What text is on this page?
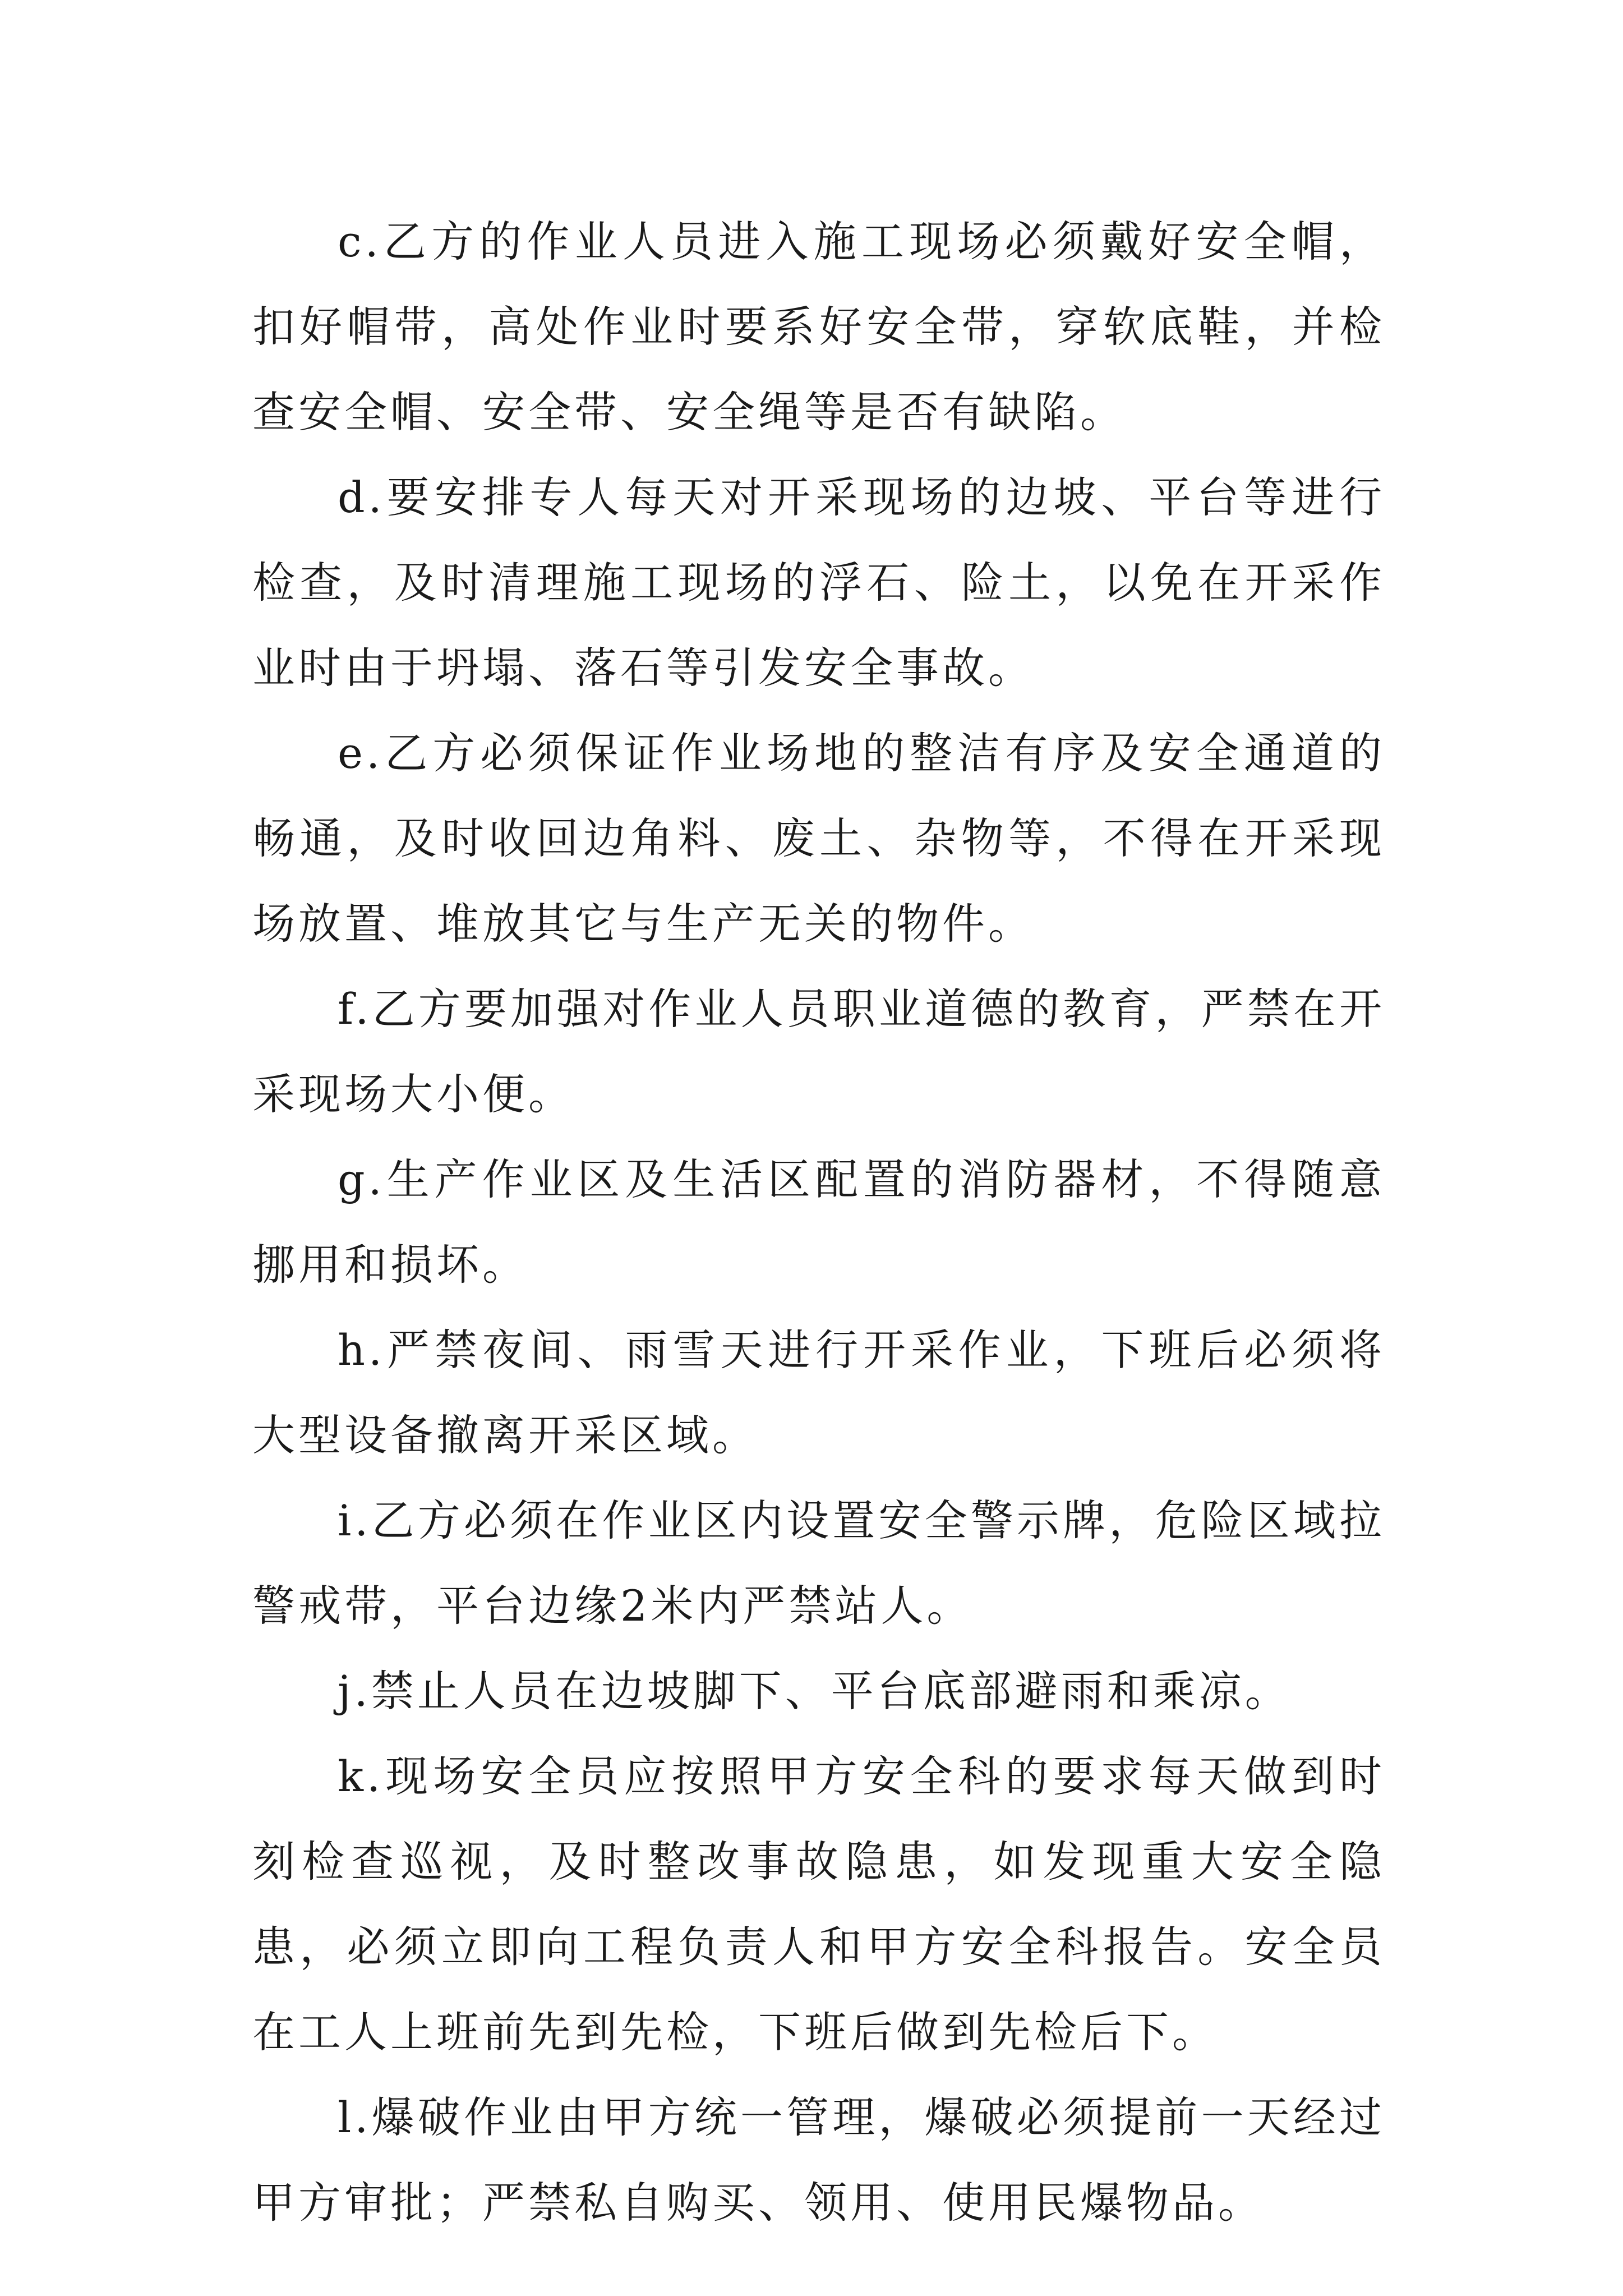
c.乙方的作业人员进入施工现场必须戴好安全帽，扣好帽带，高处作业时要系好安全带，穿软底鞋，并检查安全帽、安全带、安全绳等是否有缺陷。

d.要安排专人每天对开采现场的边坡、平台等进行检查，及时清理施工现场的浮石、险土，以免在开采作业时由于坍塌、落石等引发安全事故。

e.乙方必须保证作业场地的整洁有序及安全通道的畅通，及时收回边角料、废土、杂物等，不得在开采现场放置、堆放其它与生产无关的物件。

f.乙方要加强对作业人员职业道德的教育，严禁在开采现场大小便。

g.生产作业区及生活区配置的消防器材，不得随意挪用和损坏。

h.严禁夜间、雨雪天进行开采作业，下班后必须将大型设备撤离开采区域。

i.乙方必须在作业区内设置安全警示牌，危险区域拉警戒带，平台边缘2米内严禁站人。

j.禁止人员在边坡脚下、平台底部避雨和乘凉。

k.现场安全员应按照甲方安全科的要求每天做到时刻检查巡视，及时整改事故隐患，如发现重大安全隐患，必须立即向工程负责人和甲方安全科报告。安全员在工人上班前先到先检，下班后做到先检后下。

l.爆破作业由甲方统一管理，爆破必须提前一天经过甲方审批；严禁私自购买、领用、使用民爆物品。
